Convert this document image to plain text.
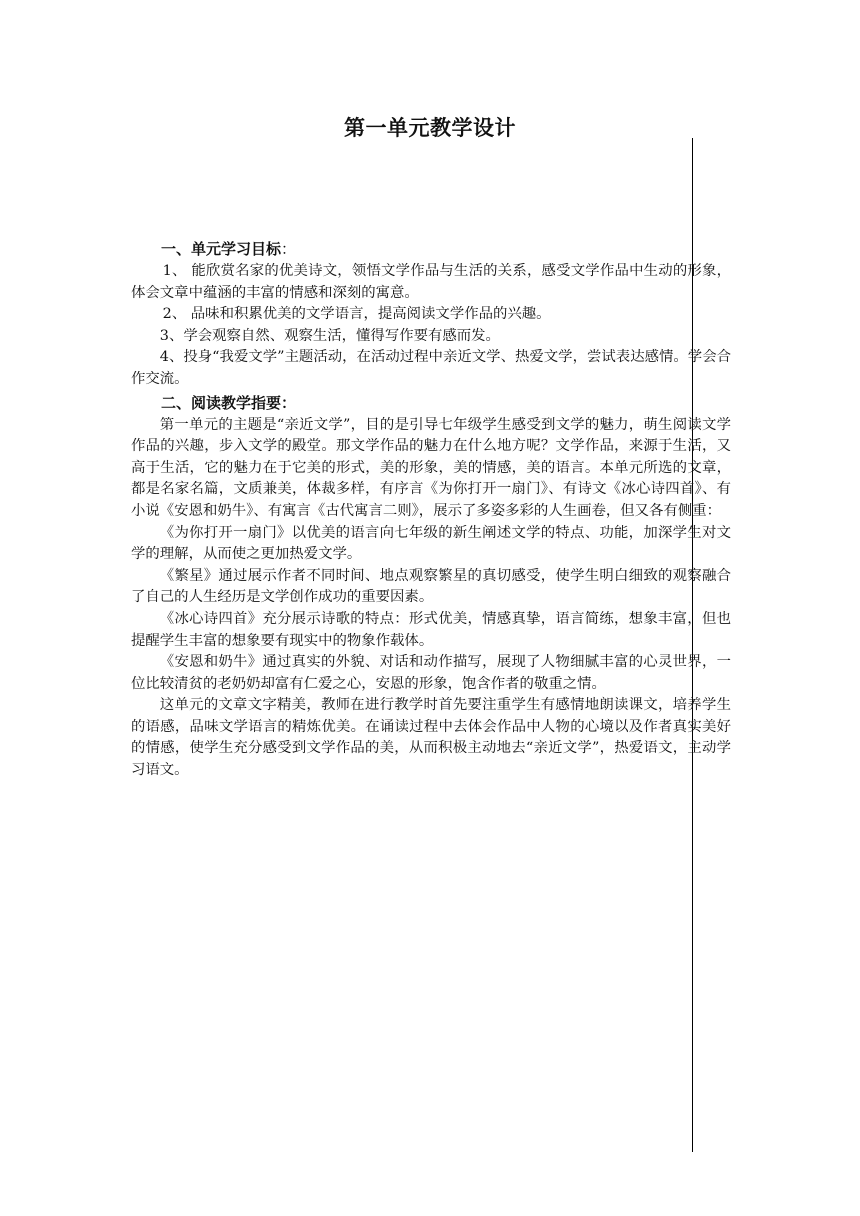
第一单元教学设计

一、单元学习目标：

1、 能欣赏名家的优美诗文，领悟文学作品与生活的关系，感受文学作品中生动的形象，体会文章中蕴涵的丰富的情感和深刻的寓意。

2、 品味和积累优美的文学语言，提高阅读文学作品的兴趣。

3、学会观察自然、观察生活，懂得写作要有感而发。

4、投身“我爱文学”主题活动，在活动过程中亲近文学、热爱文学，尝试表达感情。学会合作交流。

二、阅读教学指要：

第一单元的主题是“亲近文学”，目的是引导七年级学生感受到文学的魅力，萌生阅读文学作品的兴趣，步入文学的殿堂。那文学作品的魅力在什么地方呢？文学作品，来源于生活，又高于生活，它的魅力在于它美的形式，美的形象，美的情感，美的语言。本单元所选的文章，都是名家名篇，文质兼美，体裁多样，有序言《为你打开一扇门》、有诗文《冰心诗四首》、有小说《安恩和奶牛》、有寓言《古代寓言二则》，展示了多姿多彩的人生画卷，但又各有侧重：

《为你打开一扇门》以优美的语言向七年级的新生阐述文学的特点、功能，加深学生对文学的理解，从而使之更加热爱文学。

《繁星》通过展示作者不同时间、地点观察繁星的真切感受，使学生明白细致的观察融合了自己的人生经历是文学创作成功的重要因素。

《冰心诗四首》充分展示诗歌的特点：形式优美，情感真挚，语言简练，想象丰富，但也提醒学生丰富的想象要有现实中的物象作载体。

《安恩和奶牛》通过真实的外貌、对话和动作描写，展现了人物细腻丰富的心灵世界，一位比较清贫的老奶奶却富有仁爱之心，安恩的形象，饱含作者的敬重之情。

这单元的文章文字精美，教师在进行教学时首先要注重学生有感情地朗读课文，培养学生的语感，品味文学语言的精炼优美。在诵读过程中去体会作品中人物的心境以及作者真实美好的情感，使学生充分感受到文学作品的美，从而积极主动地去“亲近文学”，热爱语文，主动学习语文。
